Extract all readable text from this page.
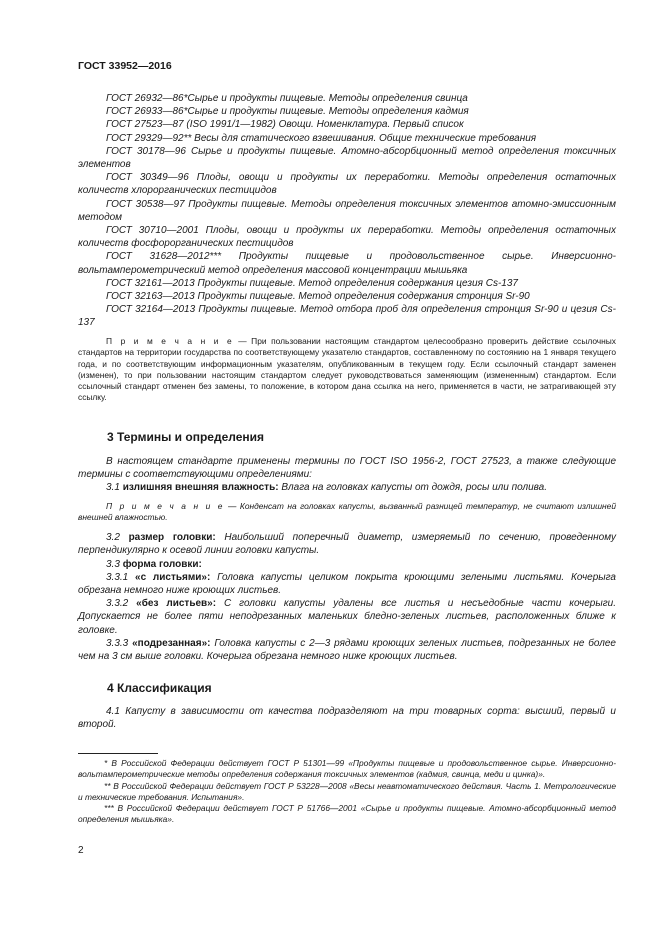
ГОСТ 33952—2016

ГОСТ 26932—86*Сырье и продукты пищевые. Методы определения свинца

ГОСТ 26933—86*Сырье и продукты пищевые. Методы определения кадмия

ГОСТ 27523—87 (ISO 1991/1—1982) Овощи. Номенклатура. Первый список

ГОСТ 29329—92** Весы для статического взвешивания. Общие технические требования

ГОСТ 30178—96 Сырье и продукты пищевые. Атомно-абсорбционный метод определения токсичных элементов

ГОСТ 30349—96 Плоды, овощи и продукты их переработки. Методы определения остаточных количеств хлорорганических пестицидов

ГОСТ 30538—97 Продукты пищевые. Методы определения токсичных элементов атомно-эмиссионным методом

ГОСТ 30710—2001 Плоды, овощи и продукты их переработки. Методы определения остаточных количеств фосфорорганических пестицидов

ГОСТ 31628—2012*** Продукты пищевые и продовольственное сырье. Инверсионно-вольтамперометрический метод определения массовой концентрации мышьяка

ГОСТ 32161—2013 Продукты пищевые. Метод определения содержания цезия Cs-137

ГОСТ 32163—2013 Продукты пищевые. Метод определения содержания стронция Sr-90

ГОСТ 32164—2013 Продукты пищевые. Метод отбора проб для определения стронция Sr-90 и цезия Cs-137

П р и м е ч а н и е — При пользовании настоящим стандартом целесообразно проверить действие ссылочных стандартов на территории государства по соответствующему указателю стандартов, составленному по состоянию на 1 января текущего года, и по соответствующим информационным указателям, опубликованным в текущем году. Если ссылочный стандарт заменен (изменен), то при пользовании настоящим стандартом следует руководствоваться заменяющим (измененным) стандартом. Если ссылочный стандарт отменен без замены, то положение, в котором дана ссылка на него, применяется в части, не затрагивающей эту ссылку.

3 Термины и определения

В настоящем стандарте применены термины по ГОСТ ISO 1956-2, ГОСТ 27523, а также следующие термины с соответствующими определениями:

3.1 излишняя внешняя влажность: Влага на головках капусты от дождя, росы или полива.

П р и м е ч а н и е — Конденсат на головках капусты, вызванный разницей температур, не считают излишней внешней влажностью.

3.2 размер головки: Наибольший поперечный диаметр, измеряемый по сечению, проведенному перпендикулярно к осевой линии головки капусты.

3.3 форма головки:

3.3.1 «с листьями»: Головка капусты целиком покрыта кроющими зелеными листьями. Кочерыга обрезана немного ниже кроющих листьев.

3.3.2 «без листьев»: С головки капусты удалены все листья и несъедобные части кочерыги. Допускается не более пяти неподрезанных маленьких бледно-зеленых листьев, расположенных ближе к головке.

3.3.3 «подрезанная»: Головка капусты с 2—3 рядами кроющих зеленых листьев, подрезанных не более чем на 3 см выше головки. Кочерыга обрезана немного ниже кроющих листьев.

4 Классификация

4.1 Капусту в зависимости от качества подразделяют на три товарных сорта: высший, первый и второй.

* В Российской Федерации действует ГОСТ Р 51301—99 «Продукты пищевые и продовольственное сырье. Инверсионно-вольтамперометрические методы определения содержания токсичных элементов (кадмия, свинца, меди и цинка)».

** В Российской Федерации действует ГОСТ Р 53228—2008 «Весы неавтоматического действия. Часть 1. Метрологические и технические требования. Испытания».

*** В Российской Федерации действует ГОСТ Р 51766—2001 «Сырье и продукты пищевые. Атомно-абсорбционный метод определения мышьяка».

2
